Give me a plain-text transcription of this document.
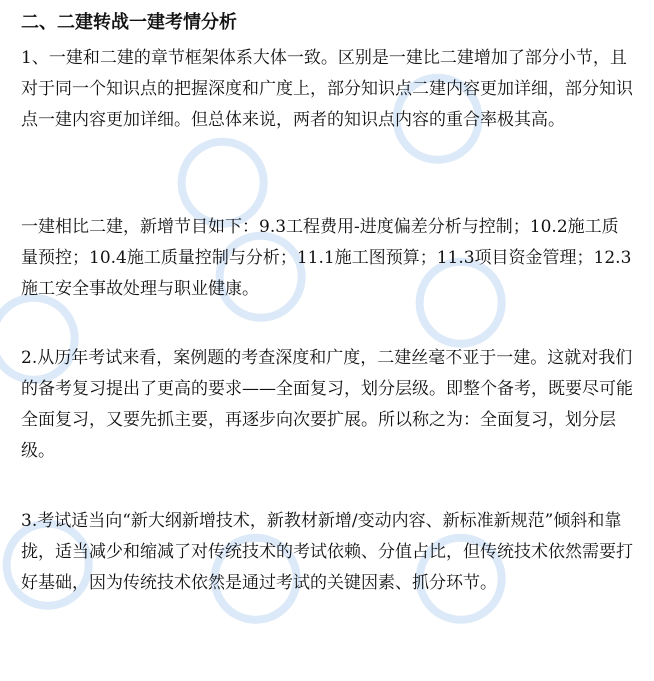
二、二建转战一建考情分析

1、一建和二建的章节框架体系大体一致。区别是一建比二建增加了部分小节，且对于同一个知识点的把握深度和广度上，部分知识点二建内容更加详细，部分知识点一建内容更加详细。但总体来说，两者的知识点内容的重合率极其高。

一建相比二建，新增节目如下：9.3工程费用-进度偏差分析与控制；10.2施工质量预控；10.4施工质量控制与分析；11.1施工图预算；11.3项目资金管理；12.3施工安全事故处理与职业健康。

2.从历年考试来看，案例题的考查深度和广度，二建丝毫不亚于一建。这就对我们的备考复习提出了更高的要求——全面复习，划分层级。即整个备考，既要尽可能全面复习，又要先抓主要，再逐步向次要扩展。所以称之为：全面复习，划分层级。

3.考试适当向“新大纲新增技术，新教材新增/变动内容、新标准新规范”倾斜和靠拢，适当减少和缩减了对传统技术的考试依赖、分值占比，但传统技术依然需要打好基础，因为传统技术依然是通过考试的关键因素、抓分环节。
